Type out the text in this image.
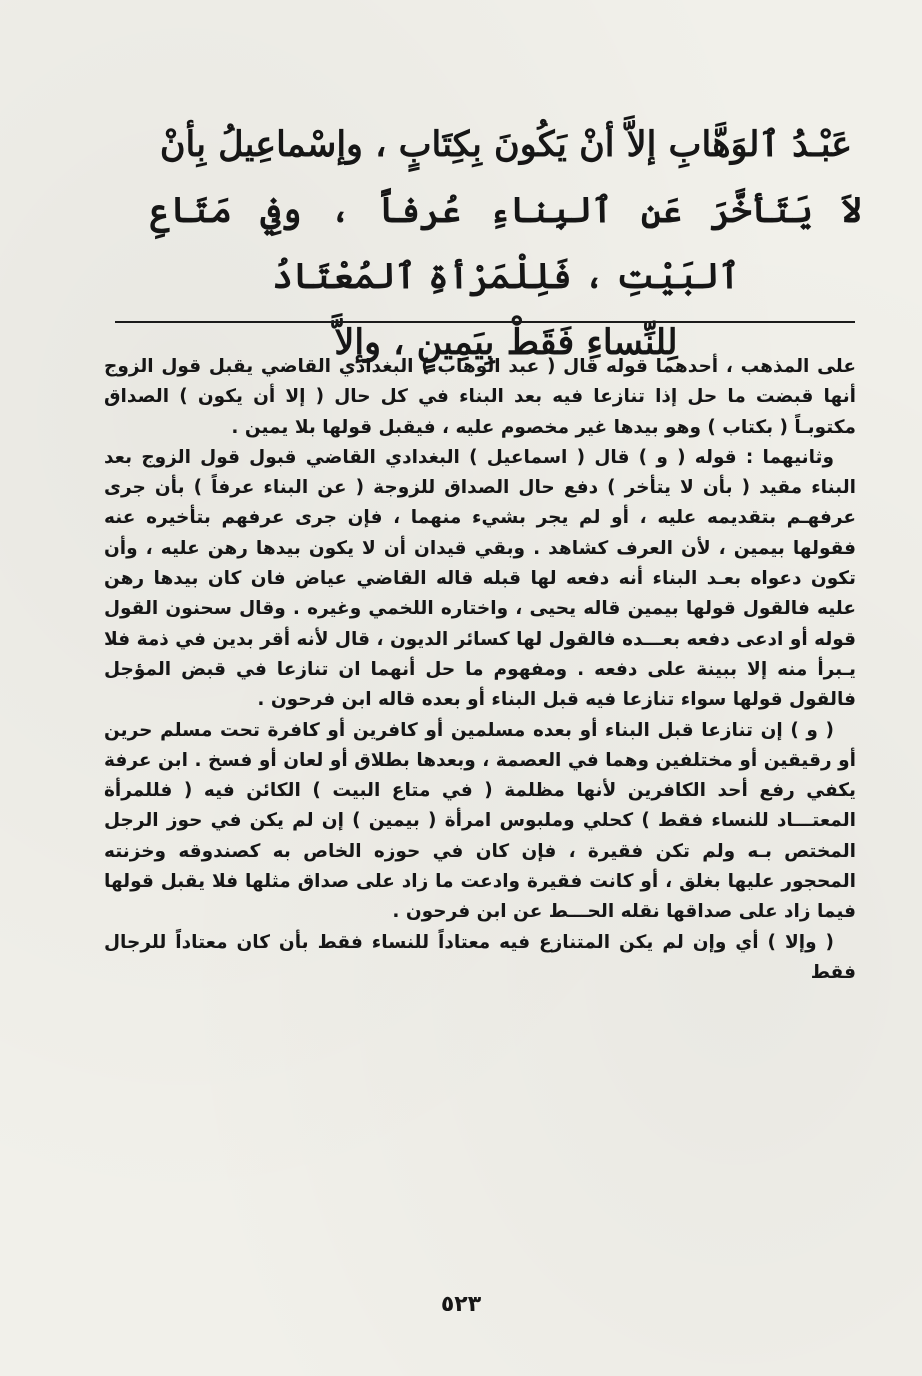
عَبْـدُ ٱلوَهَّابِ إلاَّ أنْ يَكُونَ بِكِتَابٍ ، وإسْماعِيلُ بِأنْ

لاَ يَتَأخَّرَ عَنِ ٱلبِناءِ عُرفاً ، وفِي مَتَاعِ ٱلبَيْتِ ، فَلِلْمَرْأةِ ٱلمُعْتَادُ

لِلنِّساءِ فَقَطْ بِيَمِينٍ ، وإلاَّ

على المذهب ، أحدهما قوله قال ( عبد الوهاب ) البغدادي القاضي يقبل قول الزوج أنها قبضت ما حل إذا تنازعا فيه بعد البناء في كل حال ( إلا أن يكون ) الصداق مكتوبـاً ( بكتاب ) وهو بيدها غير مخصوم عليه ، فيقبل قولها بلا يمين .

وثانيهما : قوله ( و ) قال ( اسماعيل ) البغدادي القاضي قبول قول الزوج بعد البناء مقيد ( بأن لا يتأخر ) دفع حال الصداق للزوجة ( عن البناء عرفاً ) بأن جرى عرفهـم بتقديمه عليه ، أو لم يجر بشيء منهما ، فإن جرى عرفهم بتأخيره عنه فقولها بيمين ، لأن العرف كشاهد . وبقي قيدان أن لا يكون بيدها رهن عليه ، وأن تكون دعواه بعـد البناء أنه دفعه لها قبله قاله القاضي عياض فان كان بيدها رهن عليه فالقول قولها بيمين قاله يحيى ، واختاره اللخمي وغيره . وقال سحنون القول قوله أو ادعى دفعه بعـــده فالقول لها كسائر الديون ، قال لأنه أقر بدين في ذمة فلا يـبرأ منه إلا ببينة على دفعه . ومفهوم ما حل أنهما ان تنازعا في قبض المؤجل فالقول قولها سواء تنازعا فيه قبل البناء أو بعده قاله ابن فرحون .

( و ) إن تنازعا قبل البناء أو بعده مسلمين أو كافرين أو كافرة تحت مسلم حرين أو رقيقين أو مختلفين وهما في العصمة ، وبعدها بطلاق أو لعان أو فسخ . ابن عرفة يكفي رفع أحد الكافرين لأنها مظلمة ( في متاع البيت ) الكائن فيه ( فللمرأة المعتـــاد للنساء فقط ) كحلي وملبوس امرأة ( بيمين ) إن لم يكن في حوز الرجل المختص بـه ولم تكن فقيرة ، فإن كان في حوزه الخاص به كصندوقه وخزنته المحجور عليها بغلق ، أو كانت فقيرة وادعت ما زاد على صداق مثلها فلا يقبل قولها فيما زاد على صداقها نقله الحـــط عن ابن فرحون .

( وإلا ) أي وإن لم يكن المتنازع فيه معتاداً للنساء فقط بأن كان معتاداً للرجال فقط

٥٢٣
